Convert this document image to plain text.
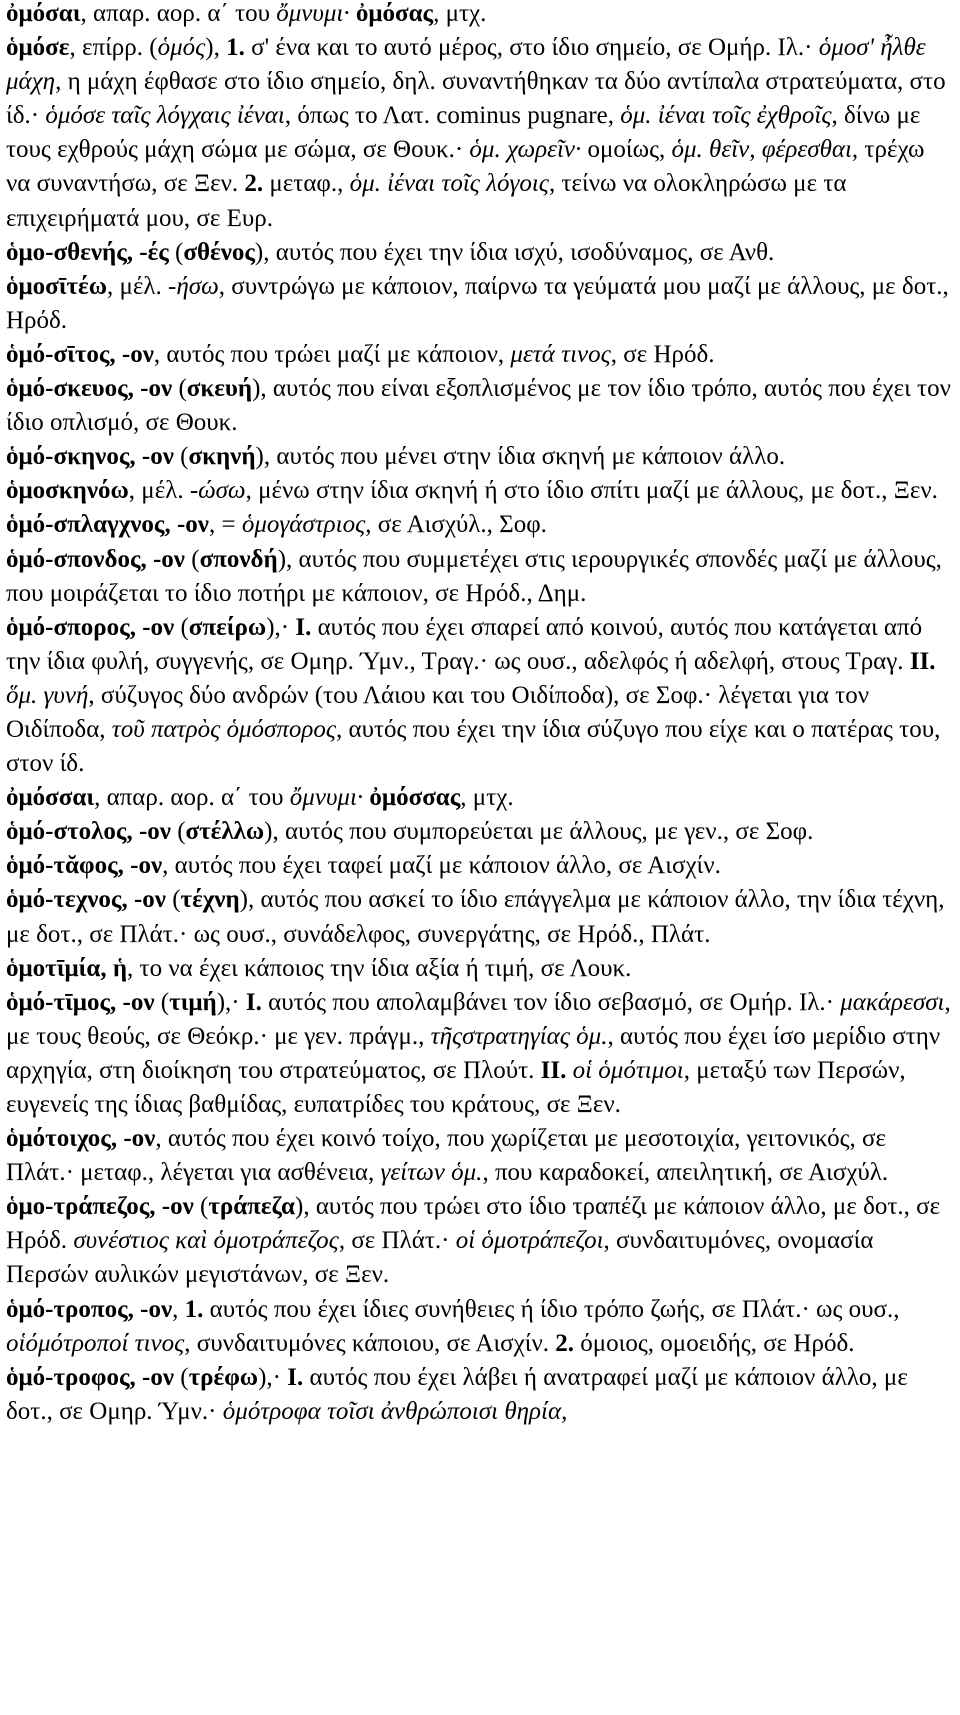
ὀμόσαι, απαρ. αορ. α΄ του ὄμνυμι· ὀμόσας, μτχ.

ὁμόσε, επίρρ. (ὁμός), 1. σ' ένα και το αυτό μέρος, στο ίδιο σημείο, σε Ομήρ. Ιλ.· ὁμοσ' ἦλθε μάχη, η μάχη έφθασε στο ίδιο σημείο, δηλ. συναντήθηκαν τα δύο αντίπαλα στρατεύματα, στο ίδ.· ὁμόσε ταῖς λόγχαις ἰέναι, όπως το Λατ. cominus pugnare, ὁμ. ἰέναι τοῖς ἐχθροῖς, δίνω με τους εχθρούς μάχη σώμα με σώμα, σε Θουκ.· ὁμ. χωρεῖν· ομοίως, ὁμ. θεῖν, φέρεσθαι, τρέχω να συναντήσω, σε Ξεν. 2. μεταφ., ὁμ. ἰέναι τοῖς λόγοις, τείνω να ολοκληρώσω με τα επιχειρήματά μου, σε Ευρ.

ὁμο-σθενής, -ές (σθένος), αυτός που έχει την ίδια ισχύ, ισοδύναμος, σε Ανθ.

ὁμοσῑτέω, μέλ. -ήσω, συντρώγω με κάποιον, παίρνω τα γεύματά μου μαζί με άλλους, με δοτ., Ηρόδ.

ὁμό-σῑτος, -ον, αυτός που τρώει μαζί με κάποιον, μετά τινος, σε Ηρόδ.

ὁμό-σκευος, -ον (σκευή), αυτός που είναι εξοπλισμένος με τον ίδιο τρόπο, αυτός που έχει τον ίδιο οπλισμό, σε Θουκ.

ὁμό-σκηνος, -ον (σκηνή), αυτός που μένει στην ίδια σκηνή με κάποιον άλλο.

ὁμοσκηνόω, μέλ. -ώσω, μένω στην ίδια σκηνή ή στο ίδιο σπίτι μαζί με άλλους, με δοτ., Ξεν.

ὁμό-σπλαγχνος, -ον, = ὁμογάστριος, σε Αισχύλ., Σοφ.

ὁμό-σπονδος, -ον (σπονδή), αυτός που συμμετέχει στις ιερουργικές σπονδές μαζί με άλλους, που μοιράζεται το ίδιο ποτήρι με κάποιον, σε Ηρόδ., Δημ.

ὁμό-σπορος, -ον (σπείρω),· I. αυτός που έχει σπαρεί από κοινού, αυτός που κατάγεται από την ίδια φυλή, συγγενής, σε Ομηρ. Ύμν., Τραγ.· ως ουσ., αδελφός ή αδελφή, στους Τραγ. II. ὅμ. γυνή, σύζυγος δύο ανδρών (του Λάιου και του Οιδίποδα), σε Σοφ.· λέγεται για τον Οιδίποδα, τοῦ πατρὸς ὁμόσπορος, αυτός που έχει την ίδια σύζυγο που είχε και ο πατέρας του, στον ίδ.

ὀμόσσαι, απαρ. αορ. α΄ του ὄμνυμι· ὀμόσσας, μτχ.

ὁμό-στολος, -ον (στέλλω), αυτός που συμπορεύεται με άλλους, με γεν., σε Σοφ.

ὁμό-τᾰφος, -ον, αυτός που έχει ταφεί μαζί με κάποιον άλλο, σε Αισχίν.

ὁμό-τεχνος, -ον (τέχνη), αυτός που ασκεί το ίδιο επάγγελμα με κάποιον άλλο, την ίδια τέχνη, με δοτ., σε Πλάτ.· ως ουσ., συνάδελφος, συνεργάτης, σε Ηρόδ., Πλάτ.

ὁμοτῑμία, ἡ, το να έχει κάποιος την ίδια αξία ή τιμή, σε Λουκ.

ὁμό-τῑμος, -ον (τιμή),· I. αυτός που απολαμβάνει τον ίδιο σεβασμό, σε Ομήρ. Ιλ.· μακάρεσσι, με τους θεούς, σε Θεόκρ.· με γεν. πράγμ., τῆςστρατηγίας ὁμ., αυτός που έχει ίσο μερίδιο στην αρχηγία, στη διοίκηση του στρατεύματος, σε Πλούτ. II. οἱ ὁμότιμοι, μεταξύ των Περσών, ευγενείς της ίδιας βαθμίδας, ευπατρίδες του κράτους, σε Ξεν.

ὁμότοιχος, -ον, αυτός που έχει κοινό τοίχο, που χωρίζεται με μεσοτοιχία, γειτονικός, σε Πλάτ.· μεταφ., λέγεται για ασθένεια, γείτων ὁμ., που καραδοκεί, απειλητική, σε Αισχύλ.

ὁμο-τράπεζος, -ον (τράπεζα), αυτός που τρώει στο ίδιο τραπέζι με κάποιον άλλο, με δοτ., σε Ηρόδ. συνέστιος καὶ ὁμοτράπεζος, σε Πλάτ.· οἱ ὁμοτράπεζοι, συνδαιτυμόνες, ονομασία Περσών αυλικών μεγιστάνων, σε Ξεν.

ὁμό-τροπος, -ον, 1. αυτός που έχει ίδιες συνήθειες ή ίδιο τρόπο ζωής, σε Πλάτ.· ως ουσ., οἱόμότροποί τινος, συνδαιτυμόνες κάποιου, σε Αισχίν. 2. όμοιος, ομοειδής, σε Ηρόδ.

ὁμό-τροφος, -ον (τρέφω),· I. αυτός που έχει λάβει ή ανατραφεί μαζί με κάποιον άλλο, με δοτ., σε Ομηρ. Ύμν.· ὁμότροφα τοῖσι ἀνθρώποισι θηρία,
